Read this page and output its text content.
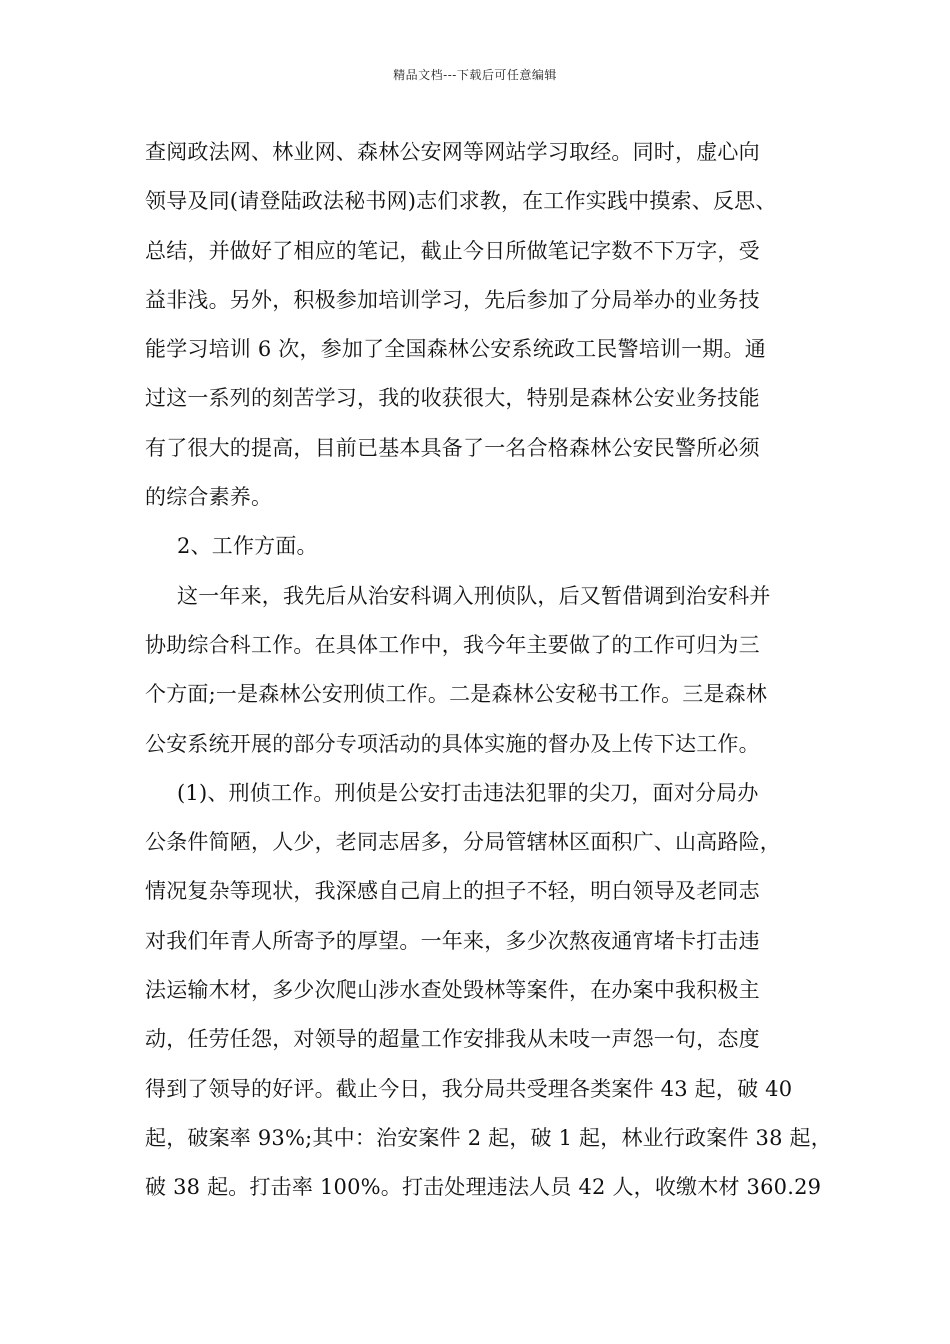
精品文档---下载后可任意编辑
查阅政法网、林业网、森林公安网等网站学习取经。同时，虚心向
领导及同(请登陆政法秘书网)志们求教，在工作实践中摸索、反思、
总结，并做好了相应的笔记，截止今日所做笔记字数不下万字，受
益非浅。另外，积极参加培训学习，先后参加了分局举办的业务技
能学习培训 6 次，参加了全国森林公安系统政工民警培训一期。通
过这一系列的刻苦学习，我的收获很大，特别是森林公安业务技能
有了很大的提高，目前已基本具备了一名合格森林公安民警所必须
的综合素养。
2、工作方面。
这一年来，我先后从治安科调入刑侦队，后又暂借调到治安科并
协助综合科工作。在具体工作中，我今年主要做了的工作可归为三
个方面;一是森林公安刑侦工作。二是森林公安秘书工作。三是森林
公安系统开展的部分专项活动的具体实施的督办及上传下达工作。
(1)、刑侦工作。刑侦是公安打击违法犯罪的尖刀，面对分局办
公条件简陋，人少，老同志居多，分局管辖林区面积广、山高路险，
情况复杂等现状，我深感自己肩上的担子不轻，明白领导及老同志
对我们年青人所寄予的厚望。一年来，多少次熬夜通宵堵卡打击违
法运输木材，多少次爬山涉水查处毁林等案件，在办案中我积极主
动，任劳任怨，对领导的超量工作安排我从未吱一声怨一句，态度
得到了领导的好评。截止今日，我分局共受理各类案件 43 起，破 40
起，破案率 93%;其中：治安案件 2 起，破 1 起，林业行政案件 38 起，
破 38 起。打击率 100%。打击处理违法人员 42 人，收缴木材 360.29
